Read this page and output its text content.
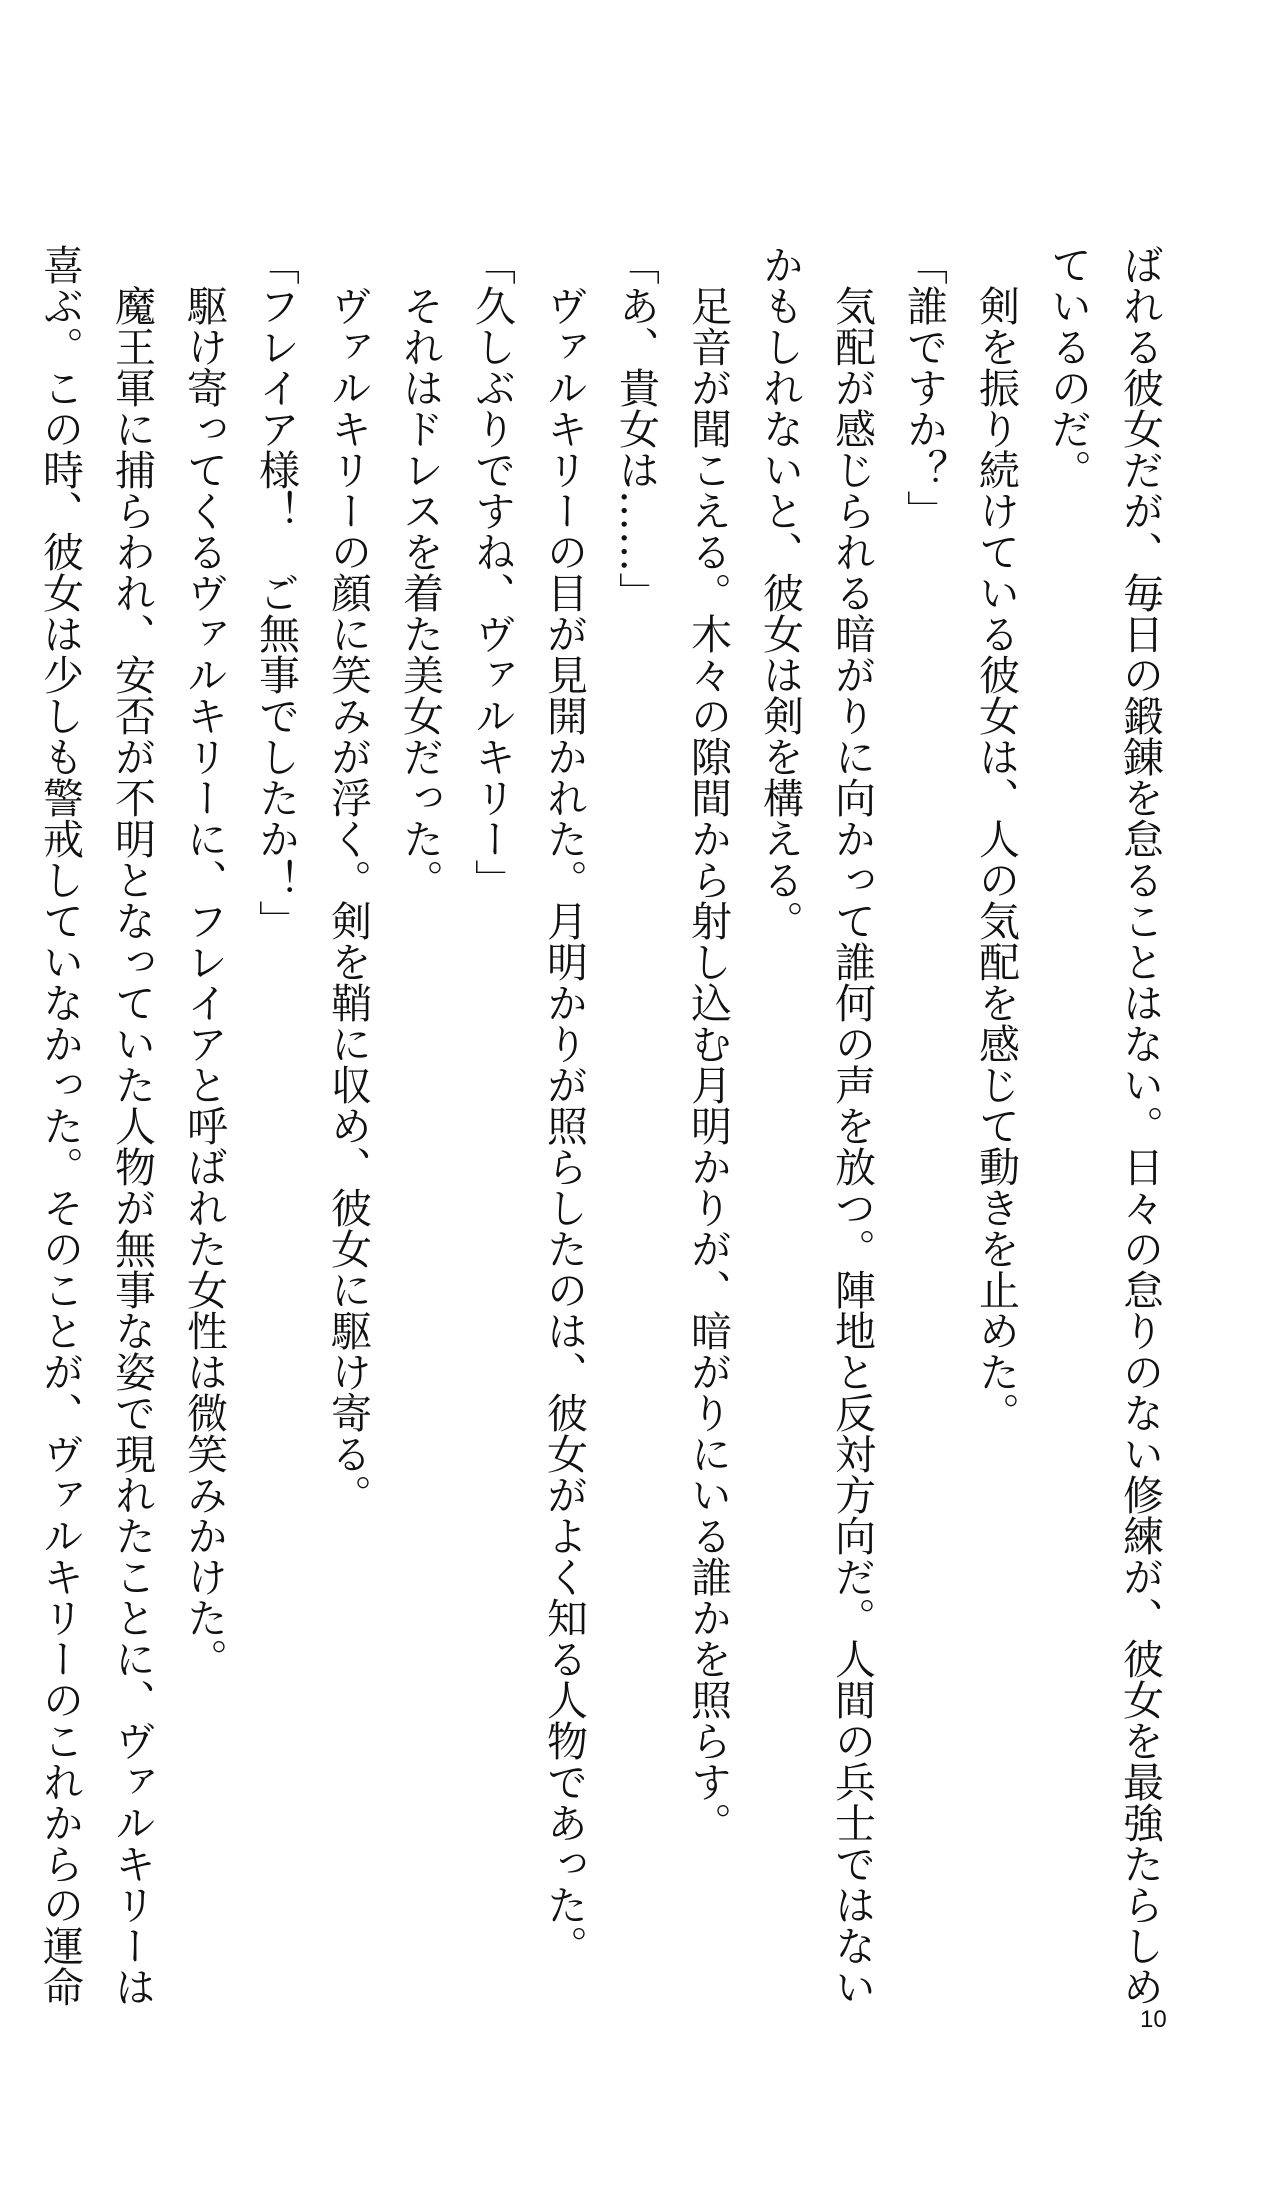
ばれる彼女だが、毎日の鍛錬を怠ることはない。日々の怠りのない修練が、彼女を最強たらしめ
ているのだ。
　剣を振り続けている彼女は、人の気配を感じて動きを止めた。
「誰ですか？」
　気配が感じられる暗がりに向かって誰何の声を放つ。陣地と反対方向だ。人間の兵士ではない
かもしれないと、彼女は剣を構える。
　足音が聞こえる。木々の隙間から射し込む月明かりが、暗がりにいる誰かを照らす。
「あ、貴女は……」
　ヴァルキリーの目が見開かれた。月明かりが照らしたのは、彼女がよく知る人物であった。
「久しぶりですね、ヴァルキリー」
　それはドレスを着た美女だった。
　ヴァルキリーの顔に笑みが浮く。剣を鞘に収め、彼女に駆け寄る。
「フレイア様！　ご無事でしたか！」
　駆け寄ってくるヴァルキリーに、フレイアと呼ばれた女性は微笑みかけた。
　魔王軍に捕らわれ、安否が不明となっていた人物が無事な姿で現れたことに、ヴァルキリーは
喜ぶ。この時、彼女は少しも警戒していなかった。そのことが、ヴァルキリーのこれからの運命
10
